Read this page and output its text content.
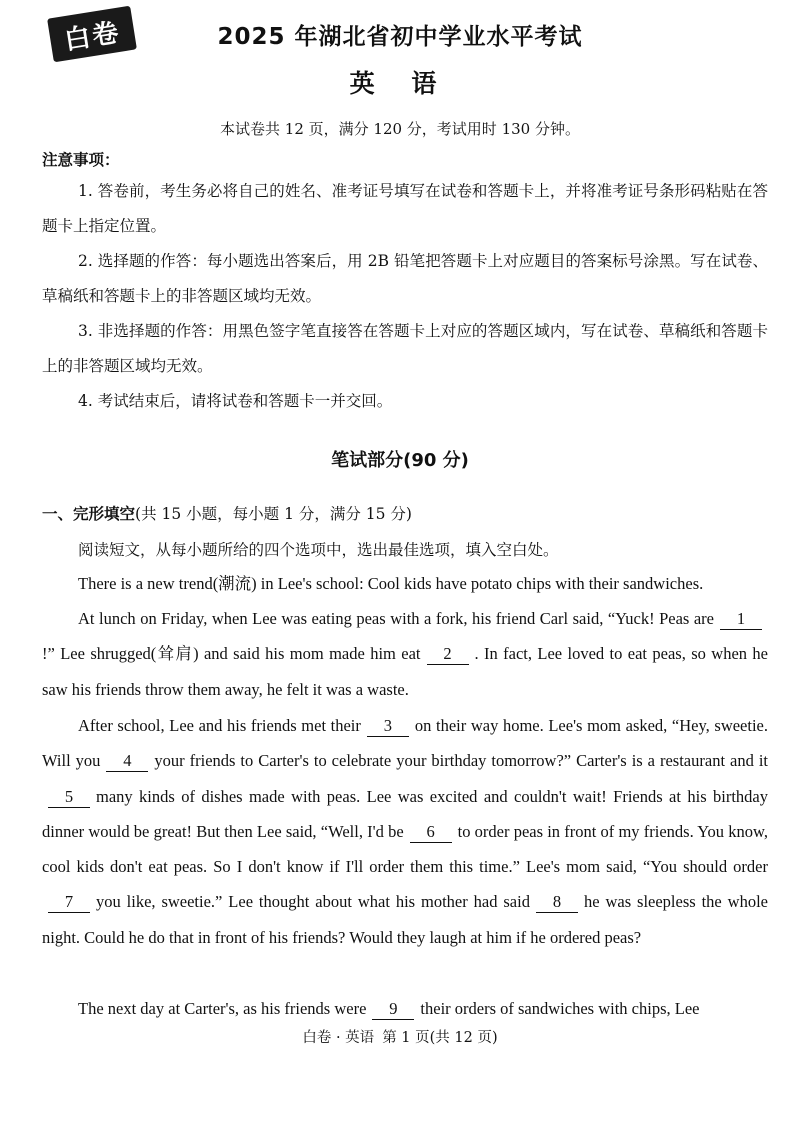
白卷	2025 年湖北省初中学业水平考试
英 语
本试卷共 12 页，满分 120 分，考试用时 130 分钟。
注意事项：

1. 答卷前，考生务必将自己的姓名、准考证号填写在试卷和答题卡上，并将准考证号条形码粘贴在答题卡上指定位置。

2. 选择题的作答：每小题选出答案后，用 2B 铅笔把答题卡上对应题目的答案标号涂黑。写在试卷、草稿纸和答题卡上的非答题区域均无效。

3. 非选择题的作答：用黑色签字笔直接答在答题卡上对应的答题区域内，写在试卷、草稿纸和答题卡上的非答题区域均无效。

4. 考试结束后，请将试卷和答题卡一并交回。

笔试部分(90 分)
一、完形填空(共 15 小题，每小题 1 分，满分 15 分)
阅读短文，从每小题所给的四个选项中，选出最佳选项，填入空白处。

There is a new trend(潮流) in Lee's school: Cool kids have potato chips with their sandwiches.

At lunch on Friday, when Lee was eating peas with a fork, his friend Carl said, “Yuck! Peas are 1!” Lee shrugged(耸肩) and said his mom made him eat 2 . In fact, Lee loved to eat peas, so when he saw his friends throw them away, he felt it was a waste.

After school, Lee and his friends met their 3 on their way home. Lee's mom asked, “Hey, sweetie. Will you 4 your friends to Carter's to celebrate your birthday tomorrow?” Carter's is a restaurant and it5 many kinds of dishes made with peas. Lee was excited and couldn't wait! Friends at his birthday dinner would be great! But then Lee said, “Well, I'd be 6 to order peas in front of my friends. You know, cool kids don't eat peas. So I don't know if I'll order them this time.” Lee's mom said, “You should order7 you like, sweetie.” Lee thought about what his mother had said 8 he was sleepless the whole night. Could he do that in front of his friends? Would they laugh at him if he ordered peas?

The next day at Carter's, as his friends were 9 their orders of sandwiches with chips, Lee

白卷 · 英语 第 1 页(共 12 页)
